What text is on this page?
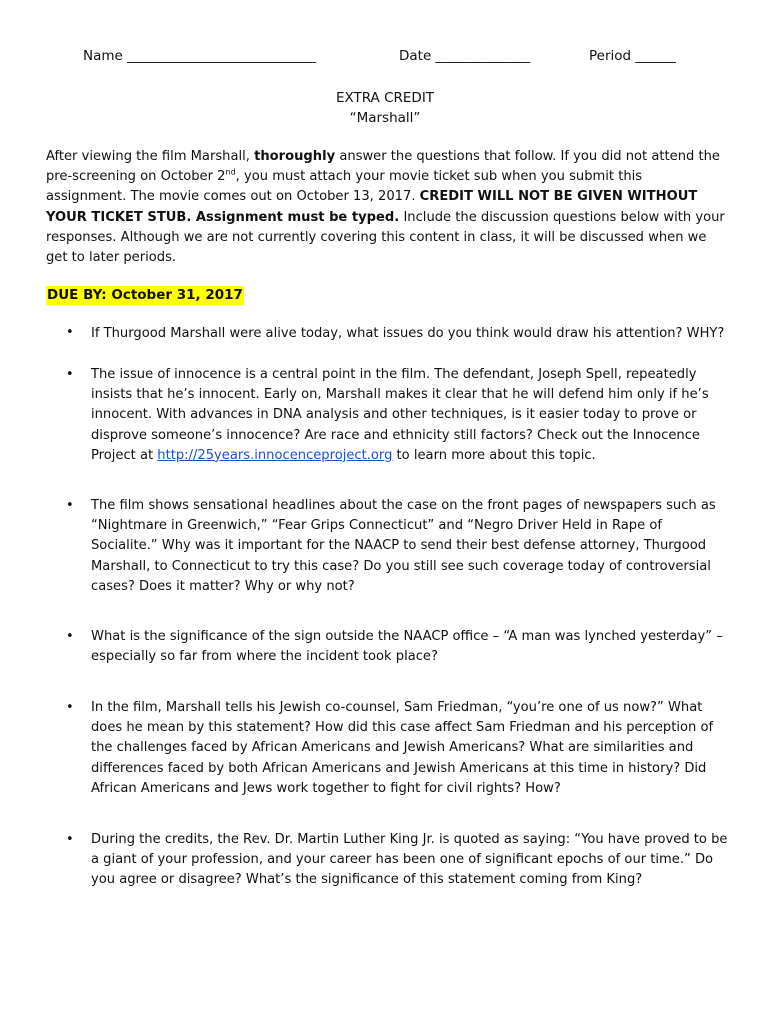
Name ____________________________	Date ______________	Period ______
EXTRA CREDIT
“Marshall”
After viewing the film Marshall, thoroughly answer the questions that follow. If you did not attend the pre-screening on October 2nd, you must attach your movie ticket sub when you submit this assignment. The movie comes out on October 13, 2017. CREDIT WILL NOT BE GIVEN WITHOUT YOUR TICKET STUB. Assignment must be typed. Include the discussion questions below with your responses. Although we are not currently covering this content in class, it will be discussed when we get to later periods.
DUE BY: October 31, 2017
• If Thurgood Marshall were alive today, what issues do you think would draw his attention? WHY?
• The issue of innocence is a central point in the film. The defendant, Joseph Spell, repeatedly insists that he’s innocent. Early on, Marshall makes it clear that he will defend him only if he’s innocent. With advances in DNA analysis and other techniques, is it easier today to prove or disprove someone’s innocence? Are race and ethnicity still factors? Check out the Innocence Project at http://25years.innocenceproject.org to learn more about this topic.
• The film shows sensational headlines about the case on the front pages of newspapers such as “Nightmare in Greenwich,” “Fear Grips Connecticut” and “Negro Driver Held in Rape of Socialite.” Why was it important for the NAACP to send their best defense attorney, Thurgood Marshall, to Connecticut to try this case? Do you still see such coverage today of controversial cases? Does it matter? Why or why not?
• What is the significance of the sign outside the NAACP office – “A man was lynched yesterday” – especially so far from where the incident took place?
• In the film, Marshall tells his Jewish co-counsel, Sam Friedman, “you’re one of us now?” What does he mean by this statement? How did this case affect Sam Friedman and his perception of the challenges faced by African Americans and Jewish Americans? What are similarities and differences faced by both African Americans and Jewish Americans at this time in history? Did African Americans and Jews work together to fight for civil rights? How?
• During the credits, the Rev. Dr. Martin Luther King Jr. is quoted as saying: “You have proved to be a giant of your profession, and your career has been one of significant epochs of our time.” Do you agree or disagree? What’s the significance of this statement coming from King?
